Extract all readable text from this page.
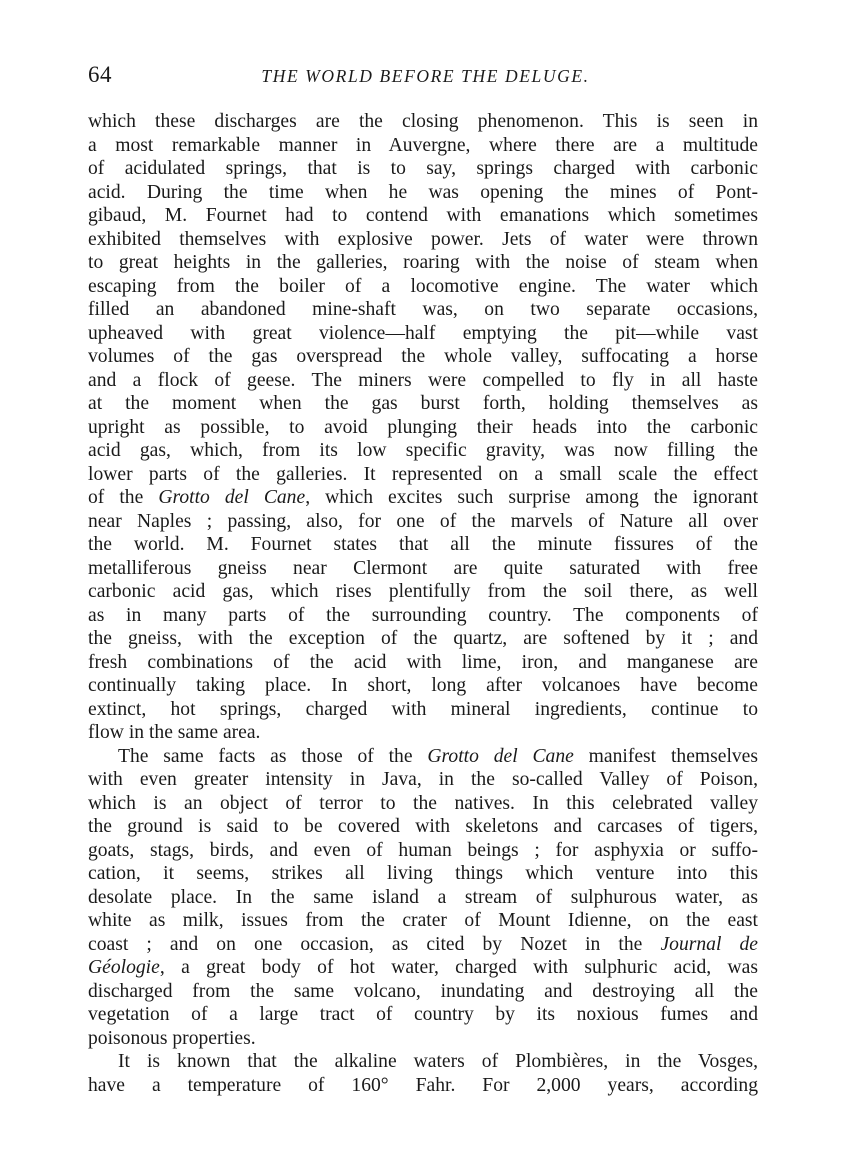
64	THE WORLD BEFORE THE DELUGE.
which these discharges are the closing phenomenon. This is seen in
a most remarkable manner in Auvergne, where there are a multitude
of acidulated springs, that is to say, springs charged with carbonic
acid. During the time when he was opening the mines of Pont-
gibaud, M. Fournet had to contend with emanations which sometimes
exhibited themselves with explosive power. Jets of water were thrown
to great heights in the galleries, roaring with the noise of steam when
escaping from the boiler of a locomotive engine. The water which
filled an abandoned mine-shaft was, on two separate occasions,
upheaved with great violence—half emptying the pit—while vast
volumes of the gas overspread the whole valley, suffocating a horse
and a flock of geese. The miners were compelled to fly in all haste
at the moment when the gas burst forth, holding themselves as
upright as possible, to avoid plunging their heads into the carbonic
acid gas, which, from its low specific gravity, was now filling the
lower parts of the galleries. It represented on a small scale the effect
of the Grotto del Cane, which excites such surprise among the ignorant
near Naples ; passing, also, for one of the marvels of Nature all over
the world. M. Fournet states that all the minute fissures of the
metalliferous gneiss near Clermont are quite saturated with free
carbonic acid gas, which rises plentifully from the soil there, as well
as in many parts of the surrounding country. The components of
the gneiss, with the exception of the quartz, are softened by it ; and
fresh combinations of the acid with lime, iron, and manganese are
continually taking place. In short, long after volcanoes have become
extinct, hot springs, charged with mineral ingredients, continue to
flow in the same area.
The same facts as those of the Grotto del Cane manifest themselves
with even greater intensity in Java, in the so-called Valley of Poison,
which is an object of terror to the natives. In this celebrated valley
the ground is said to be covered with skeletons and carcases of tigers,
goats, stags, birds, and even of human beings ; for asphyxia or suffo-
cation, it seems, strikes all living things which venture into this
desolate place. In the same island a stream of sulphurous water, as
white as milk, issues from the crater of Mount Idienne, on the east
coast ; and on one occasion, as cited by Nozet in the Journal de
Géologie, a great body of hot water, charged with sulphuric acid, was
discharged from the same volcano, inundating and destroying all the
vegetation of a large tract of country by its noxious fumes and
poisonous properties.
It is known that the alkaline waters of Plombières, in the Vosges,
have a temperature of 160° Fahr. For 2,000 years, according
